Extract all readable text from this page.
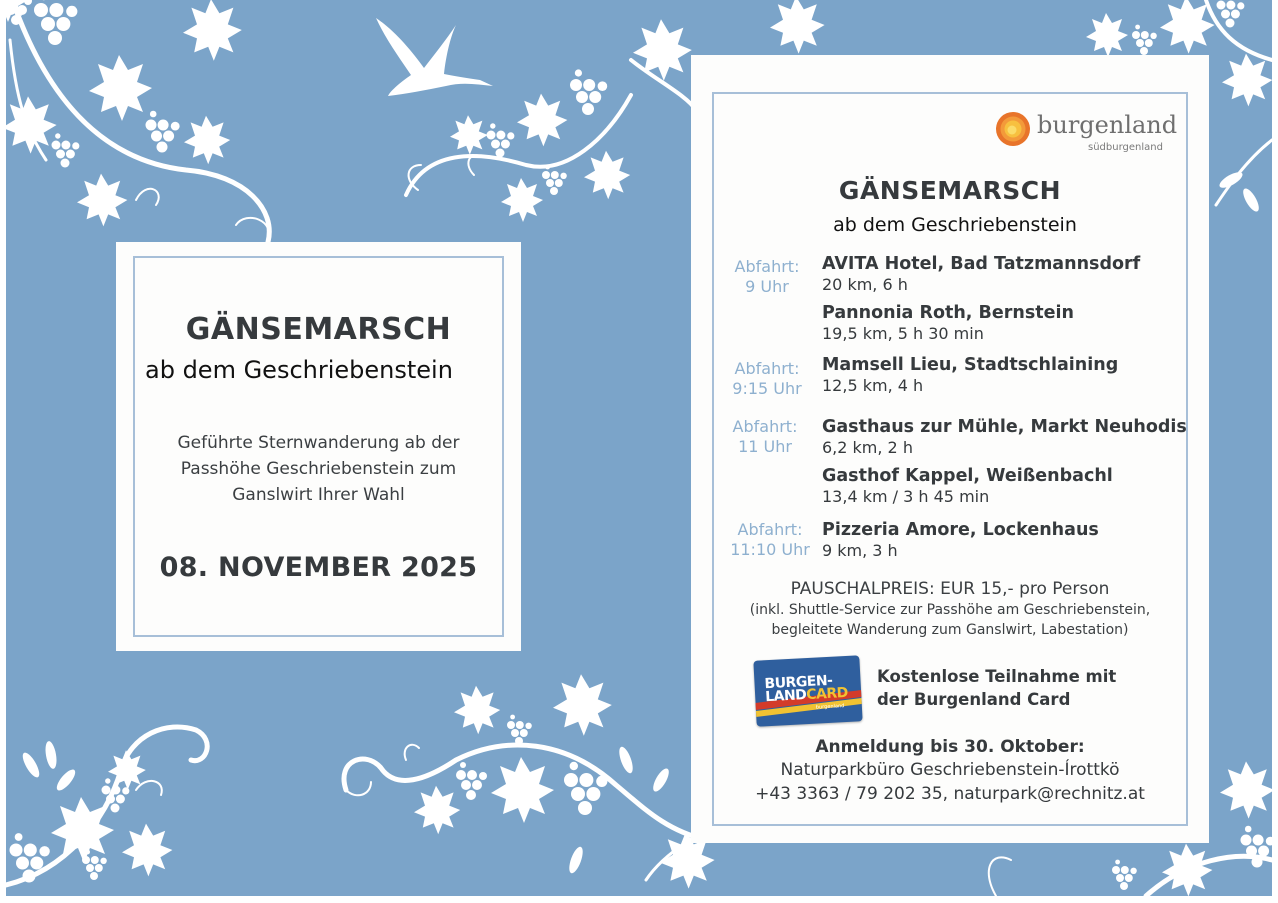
GÄNSEMARSCH
ab dem Geschriebenstein
Geführte Sternwanderung ab der
Passhöhe Geschriebenstein zum
Ganslwirt Ihrer Wahl
08. NOVEMBER 2025
burgenland
südburgenland
GÄNSEMARSCH
ab dem Geschriebenstein
Abfahrt:
9 Uhr
AVITA Hotel, Bad Tatzmannsdorf
20 km, 6 h
Pannonia Roth, Bernstein
19,5 km, 5 h 30 min
Abfahrt:
9:15 Uhr
Mamsell Lieu, Stadtschlaining
12,5 km, 4 h
Abfahrt:
11 Uhr
Gasthaus zur Mühle, Markt Neuhodis
6,2 km, 2 h
Gasthof Kappel, Weißenbachl
13,4 km / 3 h 45 min
Abfahrt:
11:10 Uhr
Pizzeria Amore, Lockenhaus
9 km, 3 h
PAUSCHALPREIS: EUR 15,- pro Person
(inkl. Shuttle-Service zur Passhöhe am Geschriebenstein,
begleitete Wanderung zum Ganslwirt, Labestation)
BURGEN-
LANDCARD
burgenland
Kostenlose Teilnahme mit
der Burgenland Card
Anmeldung bis 30. Oktober:
Naturparkbüro Geschriebenstein-Írottkö
+43 3363 / 79 202 35, naturpark@rechnitz.at
